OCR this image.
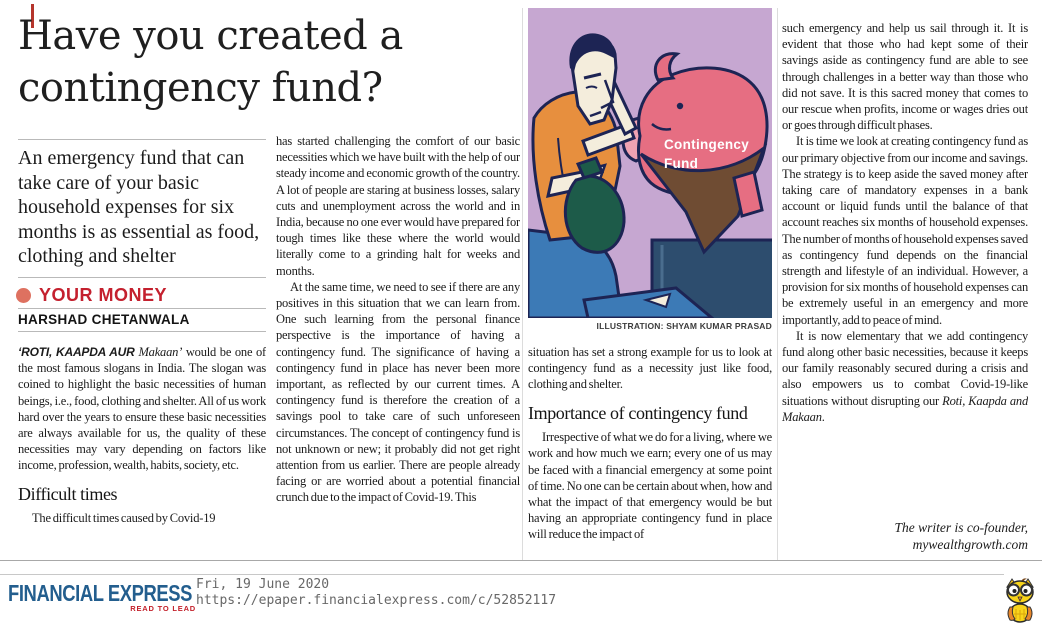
Have you created a
contingency fund?
An emergency fund that can take care of your basic household expenses for six months is as essential as food, clothing and shelter
YOUR MONEY
HARSHAD CHETANWALA

‘ROTI, KAAPDA AUR Makaan’ would be one of the most famous slogans in India. The slogan was coined to highlight the basic necessities of human beings, i.e., food, clothing and shelter. All of us work hard over the years to ensure these basic necessities are always available for us, the quality of these necessities may vary depending on factors like income, profession, wealth, habits, society, etc.

Difficult times

The difficult times caused by Covid-19

has started challenging the comfort of our basic necessities which we have built with the help of our steady income and economic growth of the country. A lot of people are staring at business losses, salary cuts and unemployment across the world and in India, because no one ever would have prepared for tough times like these where the world would literally come to a grinding halt for weeks and months.

At the same time, we need to see if there are any positives in this situation that we can learn from. One such learning from the personal finance perspective is the importance of having a contingency fund. The significance of having a contingency fund in place has never been more important, as reflected by our current times. A contingency fund is therefore the creation of a savings pool to take care of such unforeseen circumstances. The concept of contingency fund is not unknown or new; it probably did not get right attention from us earlier. There are people already facing or are worried about a potential financial crunch due to the impact of Covid-19. This

Contingency
Fund
ILLUSTRATION: SHYAM KUMAR PRASAD

situation has set a strong example for us to look at contingency fund as a necessity just like food, clothing and shelter.

Importance of contingency fund

Irrespective of what we do for a living, where we work and how much we earn; every one of us may be faced with a financial emergency at some point of time. No one can be certain about when, how and what the impact of that emergency would be but having an appropriate contingency fund in place will reduce the impact of

such emergency and help us sail through it. It is evident that those who had kept some of their savings aside as contingency fund are able to see through challenges in a better way than those who did not save. It is this sacred money that comes to our rescue when profits, income or wages dries out or goes through difficult phases.

It is time we look at creating contingency fund as our primary objective from our income and savings. The strategy is to keep aside the saved money after taking care of mandatory expenses in a bank account or liquid funds until the balance of that account reaches six months of household expenses. The number of months of household expenses saved as contingency fund depends on the financial strength and lifestyle of an individual. However, a provision for six months of household expenses can be extremely useful in an emergency and more importantly, add to peace of mind.

It is now elementary that we add contingency fund along other basic necessities, because it keeps our family reasonably secured during a crisis and also empowers us to combat Covid-19-like situations without disrupting our Roti, Kaapda and Makaan.

The writer is co-founder,
mywealthgrowth.com
FINANCIAL EXPRESS
READ TO LEAD
Fri, 19 June 2020
https://epaper.financialexpress.com/c/52852117
